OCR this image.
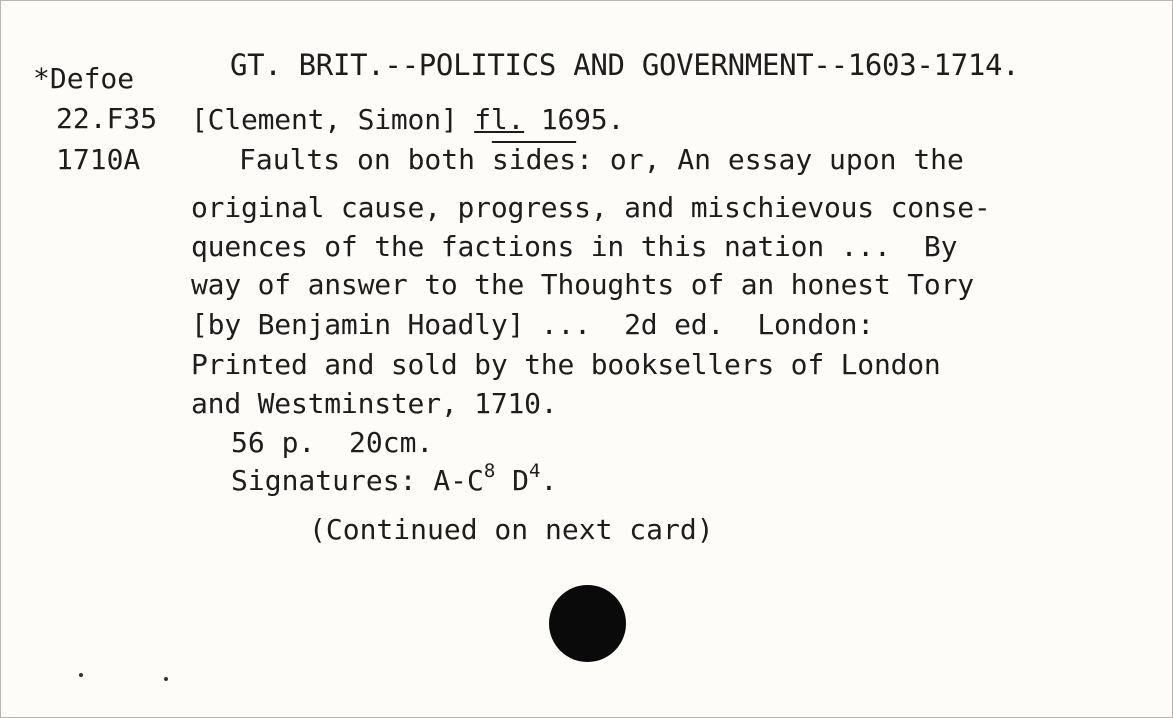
*Defoe
22.F35
1710A
GT. BRIT.--POLITICS AND GOVERNMENT--1603-1714.
[Clement, Simon] fl. 1695.
Faults on both sides: or, An essay upon the
original cause, progress, and mischievous conse-
quences of the factions in this nation ...  By
way of answer to the Thoughts of an honest Tory
[by Benjamin Hoadly] ...  2d ed.  London:
Printed and sold by the booksellers of London
and Westminster, 1710.
56 p.  20cm.
Signatures: $A-C^8$ $D^4$.
(Continued on next card)
